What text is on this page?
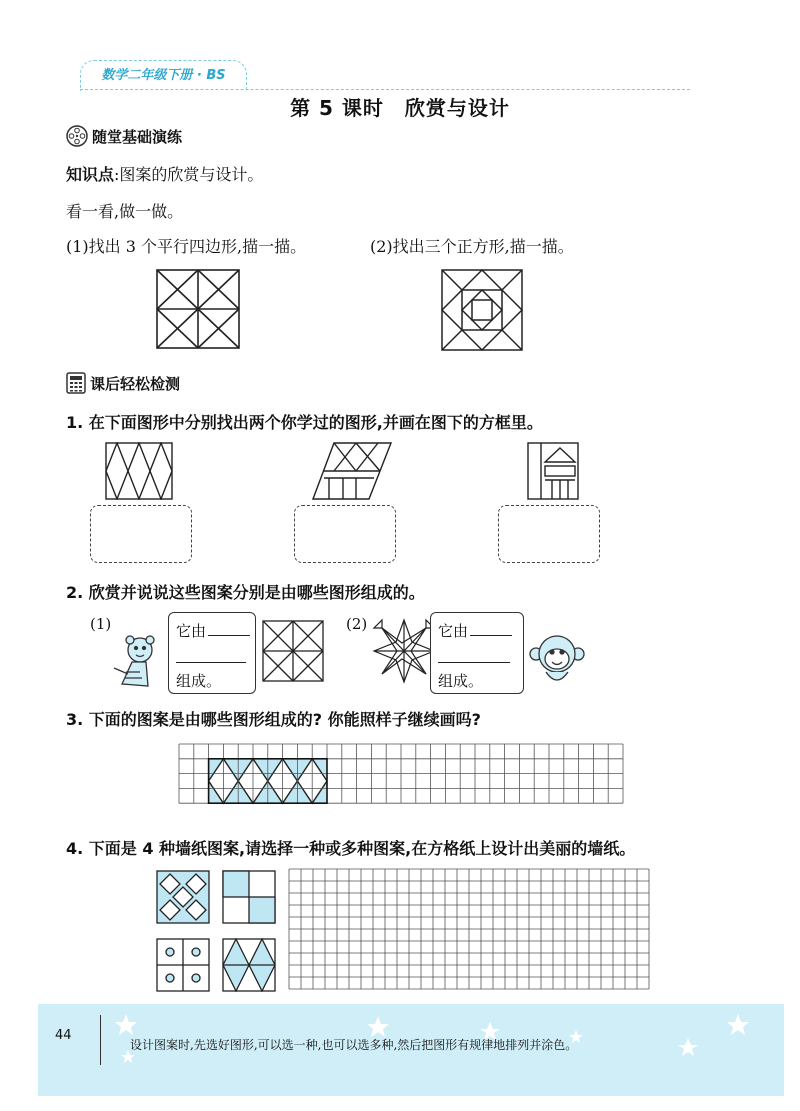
数学二年级下册 · BS
第 5 课时　欣赏与设计
随堂基础演练
知识点:图案的欣赏与设计。
看一看,做一做。
(1)找出 3 个平行四边形,描一描。	(2)找出三个正方形,描一描。
课后轻松检测
1. 在下面图形中分别找出两个你学过的图形,并画在图下的方框里。
2. 欣赏并说说这些图案分别是由哪些图形组成的。
(1)	(2)
它由
组成。
它由
组成。
3. 下面的图案是由哪些图形组成的? 你能照样子继续画吗?
4. 下面是 4 种墙纸图案,请选择一种或多种图案,在方格纸上设计出美丽的墙纸。
44
设计图案时,先选好图形,可以选一种,也可以选多种,然后把图形有规律地排列并涂色。
